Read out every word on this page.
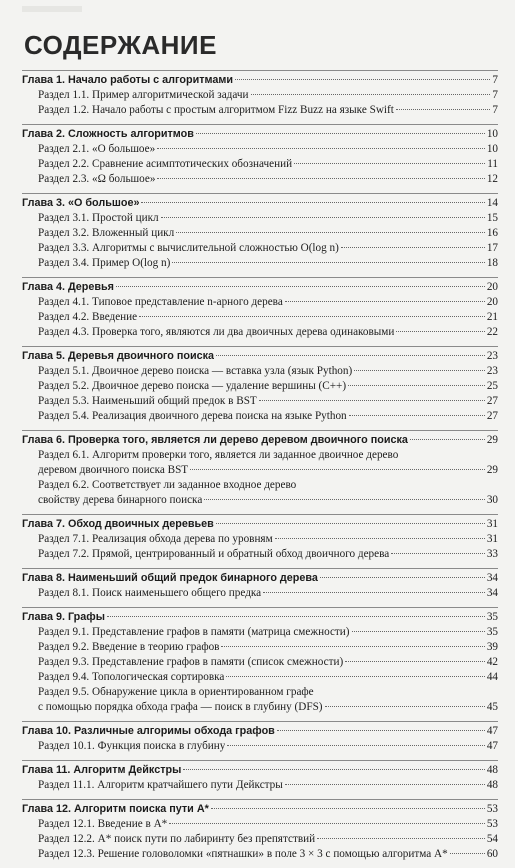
СОДЕРЖАНИЕ
Глава 1. Начало работы с алгоритмами	7
Раздел 1.1. Пример алгоритмической задачи	7
Раздел 1.2. Начало работы с простым алгоритмом Fizz Buzz на языке Swift	7
Глава 2. Сложность алгоритмов	10
Раздел 2.1. «O большое»	10
Раздел 2.2. Сравнение асимптотических обозначений	11
Раздел 2.3. «Ω большое»	12
Глава 3. «O большое»	14
Раздел 3.1. Простой цикл	15
Раздел 3.2. Вложенный цикл	16
Раздел 3.3. Алгоритмы с вычислительной сложностью O(log n)	17
Раздел 3.4. Пример O(log n)	18
Глава 4. Деревья	20
Раздел 4.1. Типовое представление n-арного дерева	20
Раздел 4.2. Введение	21
Раздел 4.3. Проверка того, являются ли два двоичных дерева одинаковыми	22
Глава 5. Деревья двоичного поиска	23
Раздел 5.1. Двоичное дерево поиска — вставка узла (язык Python)	23
Раздел 5.2. Двоичное дерево поиска — удаление вершины (C++)	25
Раздел 5.3. Наименьший общий предок в BST	27
Раздел 5.4. Реализация двоичного дерева поиска на языке Python	27
Глава 6. Проверка того, является ли дерево деревом двоичного поиска	29
Раздел 6.1. Алгоритм проверки того, является ли заданное двоичное дерево
деревом двоичного поиска BST	29
Раздел 6.2. Соответствует ли заданное входное дерево
свойству дерева бинарного поиска	30
Глава 7. Обход двоичных деревьев	31
Раздел 7.1. Реализация обхода дерева по уровням	31
Раздел 7.2. Прямой, центрированный и обратный обход двоичного дерева	33
Глава 8. Наименьший общий предок бинарного дерева	34
Раздел 8.1. Поиск наименьшего общего предка	34
Глава 9. Графы	35
Раздел 9.1. Представление графов в памяти (матрица смежности)	35
Раздел 9.2. Введение в теорию графов	39
Раздел 9.3. Представление графов в памяти (список смежности)	42
Раздел 9.4. Топологическая сортировка	44
Раздел 9.5. Обнаружение цикла в ориентированном графе
с помощью порядка обхода графа — поиск в глубину (DFS)	45
Глава 10. Различные алгоримы обхода графов	47
Раздел 10.1. Функция поиска в глубину	47
Глава 11. Алгоритм Дейкстры	48
Раздел 11.1. Алгоритм кратчайшего пути Дейкстры	48
Глава 12. Алгоритм поиска пути А*	53
Раздел 12.1. Введение в А*	53
Раздел 12.2. А* поиск пути по лабиринту без препятствий	54
Раздел 12.3. Решение головоломки «пятнашки» в поле 3 × 3 с помощью алгоритма А*	60
